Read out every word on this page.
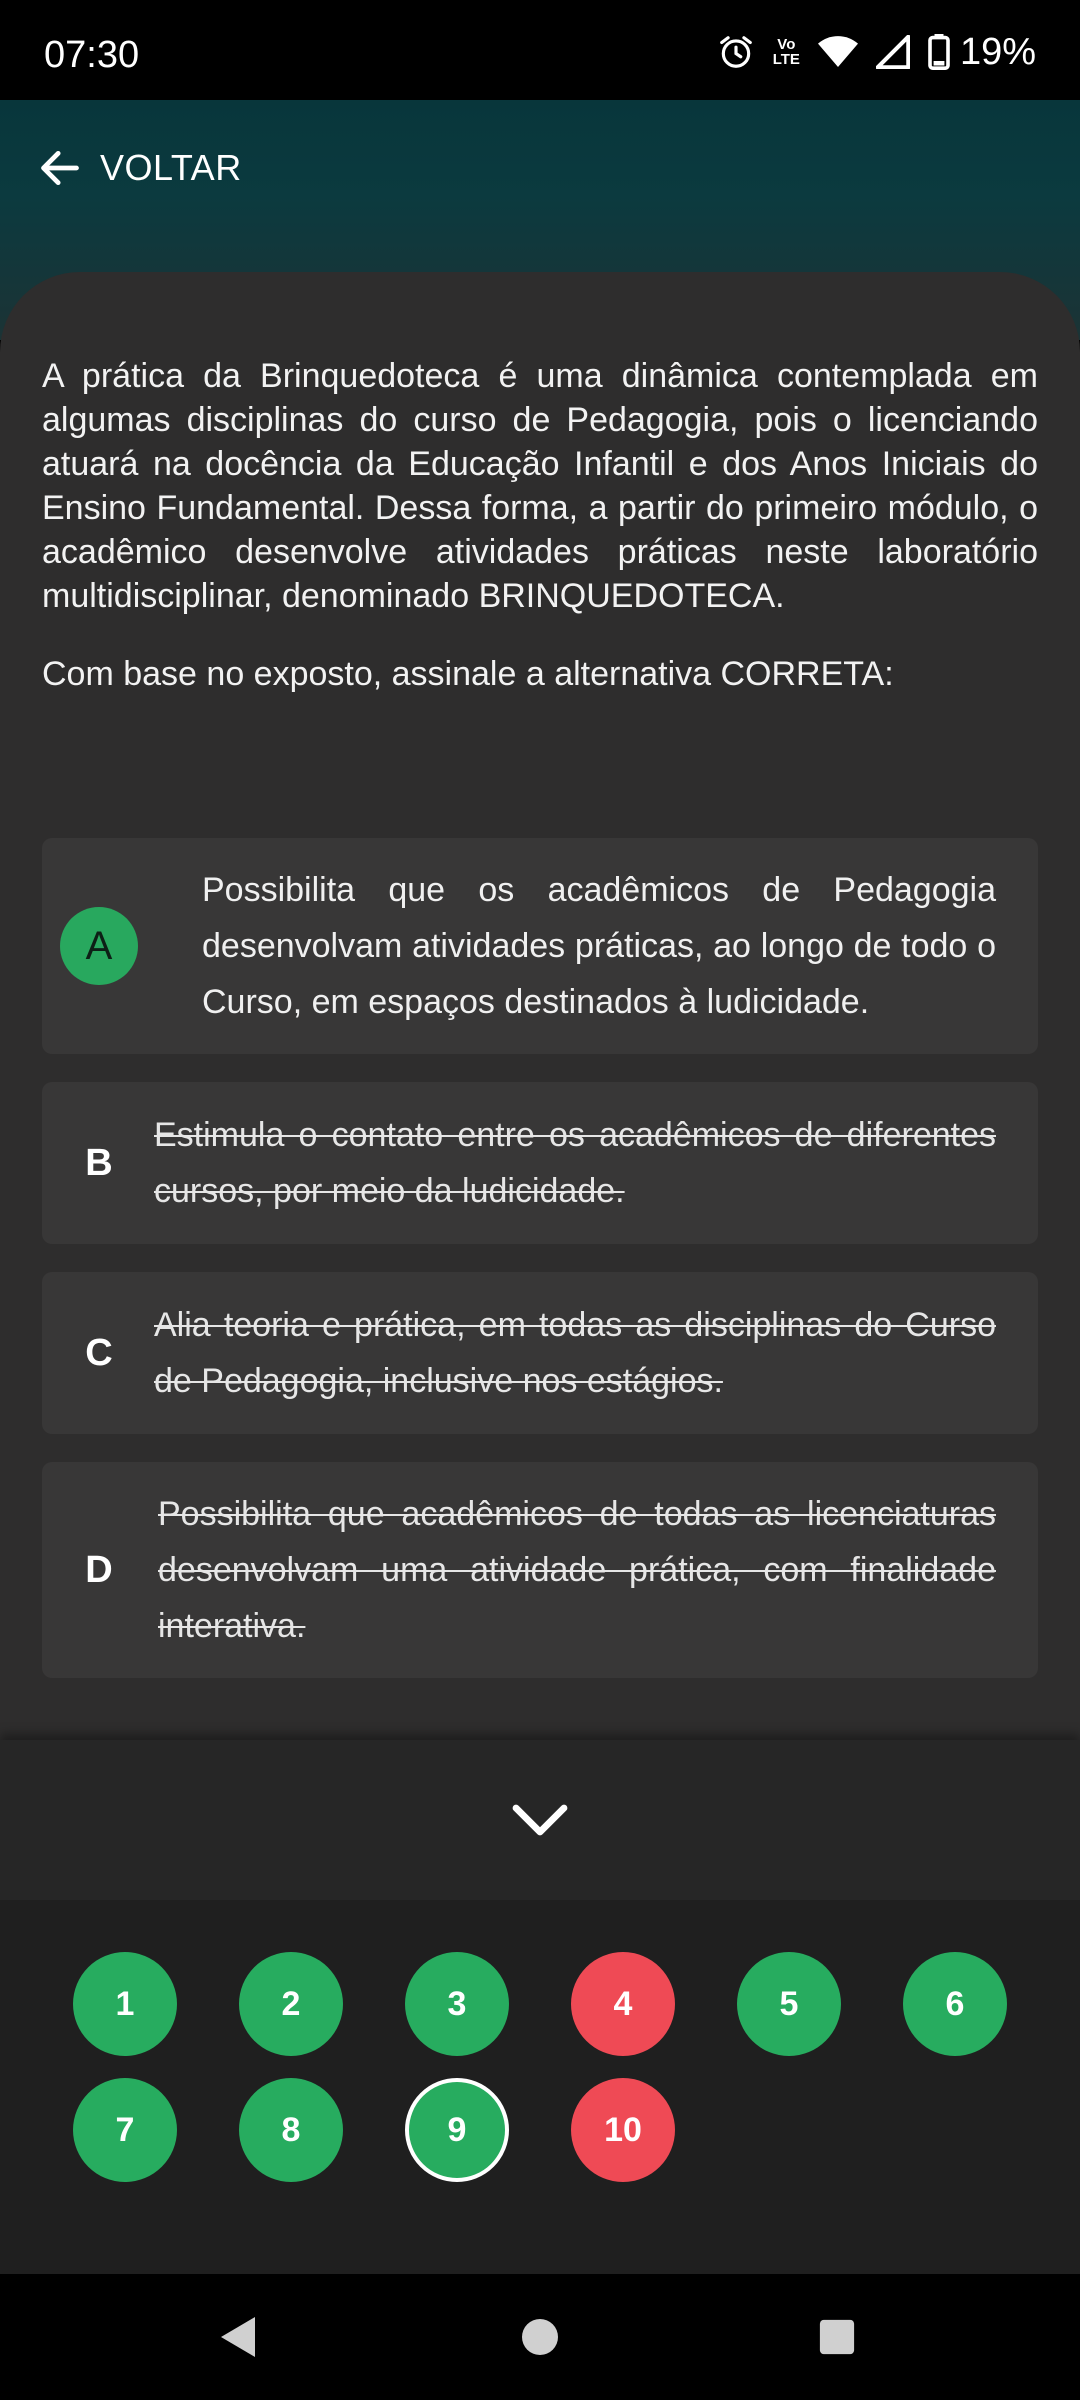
07:30	Vo
LTE	19%
VOLTAR

A prática da Brinquedoteca é uma dinâmica contemplada em algumas disciplinas do curso de Pedagogia, pois o licenciando atuará na docência da Educação Infantil e dos Anos Iniciais do Ensino Fundamental. Dessa forma, a partir do primeiro módulo, o acadêmico desenvolve atividades práticas neste laboratório multidisciplinar, denominado BRINQUEDOTECA.

Com base no exposto, assinale a alternativa CORRETA:

A
Possibilita que os acadêmicos de Pedagogia desenvolvam atividades práticas, ao longo de todo o Curso, em espaços destinados à ludicidade.
B
Estimula o contato entre os acadêmicos de diferentes cursos, por meio da ludicidade.
C
Alia teoria e prática, em todas as disciplinas do Curso de Pedagogia, inclusive nos estágios.
D
Possibilita que acadêmicos de todas as licenciaturas desenvolvam uma atividade prática, com finalidade interativa.
1	2	3	4	5	6
7	8	9	10
